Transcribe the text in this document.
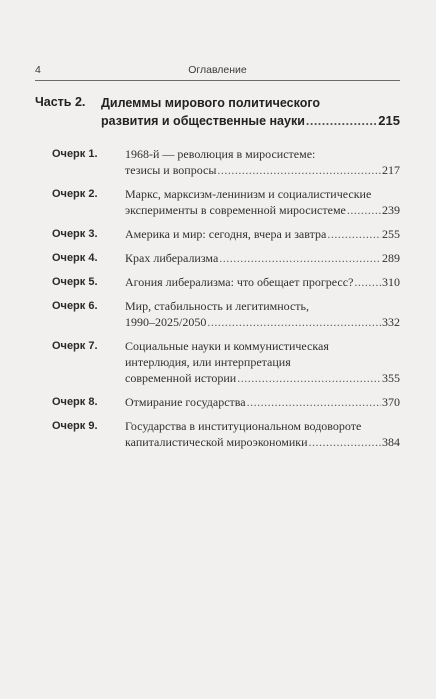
4	Оглавление
Часть 2. Дилеммы мирового политического
развития и общественные науки .....	215
Очерк 1. 1968-й — революция в миросистеме:
тезисы и вопросы .....	217
Очерк 2. Маркс, марксизм-ленинизм и социалистические
эксперименты в современной миросистеме .....	239
Очерк 3. Америка и мир: сегодня, вчера и завтра .....	255
Очерк 4. Крах либерализма .....	289
Очерк 5. Агония либерализма: что обещает прогресс? ..... 310
Очерк 6. Мир, стабильность и легитимность,
1990–2025/2050 .....	332
Очерк 7. Социальные науки и коммунистическая
интерлюдия, или интерпретация
современной истории .....	355
Очерк 8. Отмирание государства .....	370
Очерк 9. Государства в институциональном водовороте
капиталистической мироэкономики .....	384
